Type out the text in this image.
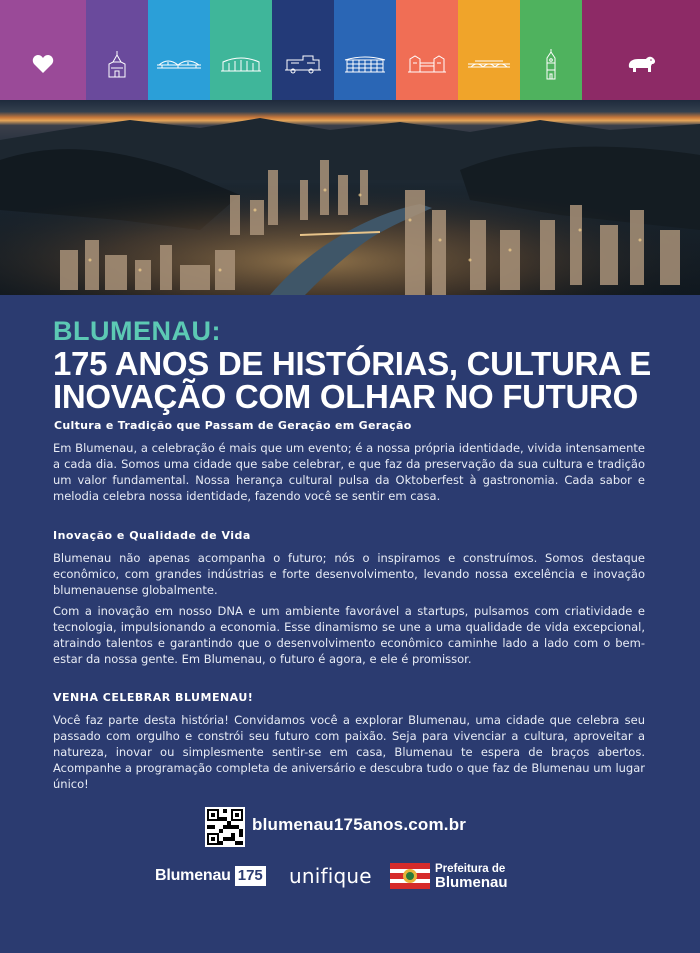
BLUMENAU:
175 ANOS DE HISTÓRIAS, CULTURA E INOVAÇÃO COM OLHAR NO FUTURO
Cultura e Tradição que Passam de Geração em Geração

Em Blumenau, a celebração é mais que um evento; é a nossa própria identidade, vivida intensamente a cada dia. Somos uma cidade que sabe celebrar, e que faz da preservação da sua cultura e tradição um valor fundamental. Nossa herança cultural pulsa da Oktoberfest à gastronomia. Cada sabor e melodia celebra nossa identidade, fazendo você se sentir em casa.

Inovação e Qualidade de Vida

Blumenau não apenas acompanha o futuro; nós o inspiramos e construímos. Somos destaque econômico, com grandes indústrias e forte desenvolvimento, levando nossa excelência e inovação blumenauense globalmente.

Com a inovação em nosso DNA e um ambiente favorável a startups, pulsamos com criatividade e tecnologia, impulsionando a economia. Esse dinamismo se une a uma qualidade de vida excepcional, atraindo talentos e garantindo que o desenvolvimento econômico caminhe lado a lado com o bem-estar da nossa gente. Em Blumenau, o futuro é agora, e ele é promissor.

VENHA CELEBRAR BLUMENAU!

Você faz parte desta história! Convidamos você a explorar Blumenau, uma cidade que celebra seu passado com orgulho e constrói seu futuro com paixão. Seja para vivenciar a cultura, aproveitar a natureza, inovar ou simplesmente sentir-se em casa, Blumenau te espera de braços abertos. Acompanhe a programação completa de aniversário e descubra tudo o que faz de Blumenau um lugar único!

blumenau175anos.com.br
Blumenau 175 unifique	Prefeitura de
Blumenau
